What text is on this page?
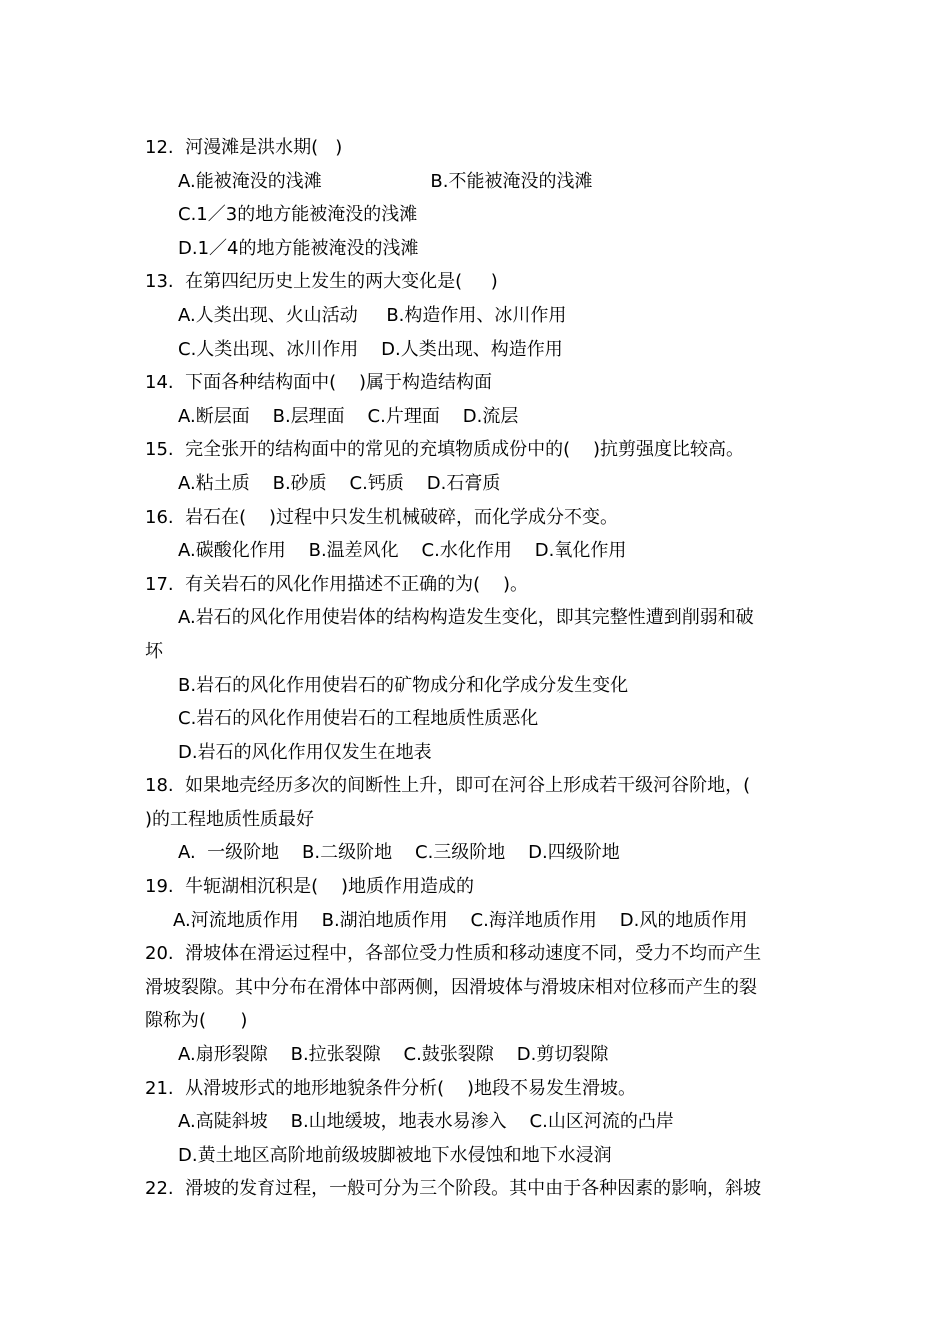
12.  河漫滩是洪水期(   )
A.能被淹没的浅滩                   B.不能被淹没的浅滩
C.1／3的地方能被淹没的浅滩
D.1／4的地方能被淹没的浅滩
13.  在第四纪历史上发生的两大变化是(     )
A.人类出现、火山活动     B.构造作用、冰川作用
C.人类出现、冰川作用    D.人类出现、构造作用
14.  下面各种结构面中(    )属于构造结构面
A.断层面    B.层理面    C.片理面    D.流层
15.  完全张开的结构面中的常见的充填物质成份中的(    )抗剪强度比较高。
A.粘土质    B.砂质    C.钙质    D.石膏质
16.  岩石在(    )过程中只发生机械破碎，而化学成分不变。
A.碳酸化作用    B.温差风化    C.水化作用    D.氧化作用
17.  有关岩石的风化作用描述不正确的为(    )。
A.岩石的风化作用使岩体的结构构造发生变化，即其完整性遭到削弱和破
坏
B.岩石的风化作用使岩石的矿物成分和化学成分发生变化
C.岩石的风化作用使岩石的工程地质性质恶化
D.岩石的风化作用仅发生在地表
18.  如果地壳经历多次的间断性上升，即可在河谷上形成若干级河谷阶地，(
)的工程地质性质最好
A.  一级阶地    B.二级阶地    C.三级阶地    D.四级阶地
19.  牛轭湖相沉积是(    )地质作用造成的
A.河流地质作用    B.湖泊地质作用    C.海洋地质作用    D.风的地质作用
20.  滑坡体在滑运过程中，各部位受力性质和移动速度不同，受力不均而产生
滑坡裂隙。其中分布在滑体中部两侧，因滑坡体与滑坡床相对位移而产生的裂
隙称为(      )
A.扇形裂隙    B.拉张裂隙    C.鼓张裂隙    D.剪切裂隙
21.  从滑坡形式的地形地貌条件分析(    )地段不易发生滑坡。
A.高陡斜坡    B.山地缓坡，地表水易渗入    C.山区河流的凸岸
D.黄土地区高阶地前级坡脚被地下水侵蚀和地下水浸润
22.  滑坡的发育过程，一般可分为三个阶段。其中由于各种因素的影响，斜坡
